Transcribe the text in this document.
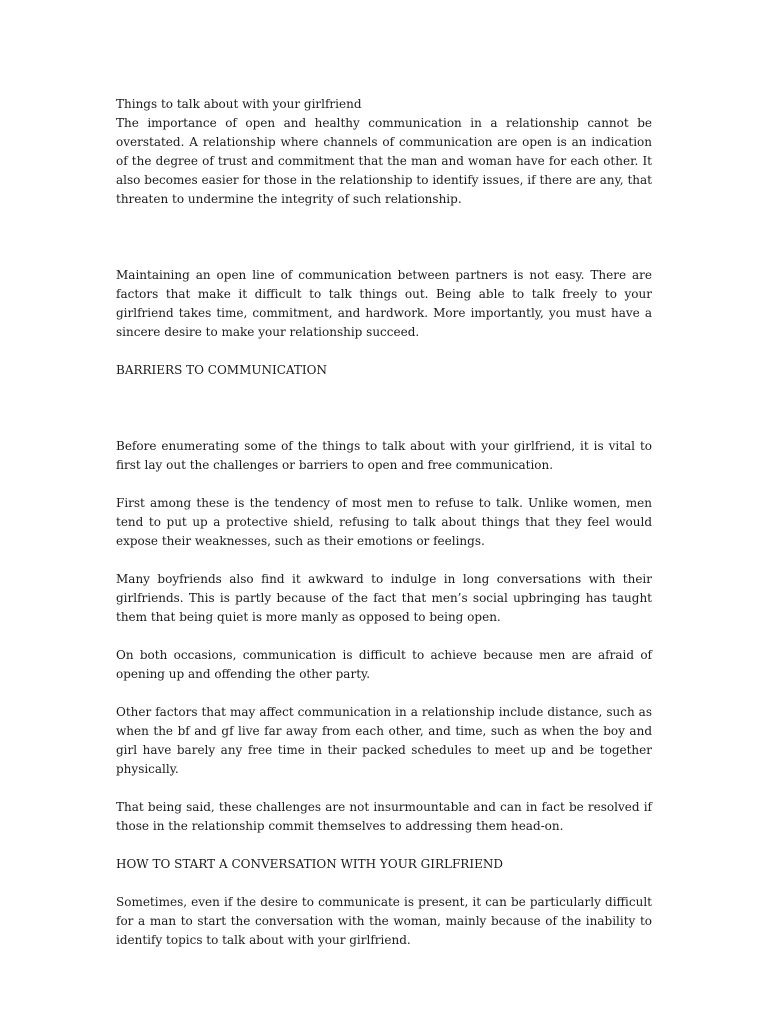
Things to talk about with your girlfriend

The importance of open and healthy communication in a relationship cannot be overstated. A relationship where channels of communication are open is an indication of the degree of trust and commitment that the man and woman have for each other. It also becomes easier for those in the relationship to identify issues, if there are any, that threaten to undermine the integrity of such relationship.

Maintaining an open line of communication between partners is not easy. There are factors that make it difficult to talk things out. Being able to talk freely to your girlfriend takes time, commitment, and hardwork. More importantly, you must have a sincere desire to make your relationship succeed.

BARRIERS TO COMMUNICATION

Before enumerating some of the things to talk about with your girlfriend, it is vital to first lay out the challenges or barriers to open and free communication.

First among these is the tendency of most men to refuse to talk. Unlike women, men tend to put up a protective shield, refusing to talk about things that they feel would expose their weaknesses, such as their emotions or feelings.

Many boyfriends also find it awkward to indulge in long conversations with their girlfriends. This is partly because of the fact that men’s social upbringing has taught them that being quiet is more manly as opposed to being open.

On both occasions, communication is difficult to achieve because men are afraid of opening up and offending the other party.

Other factors that may affect communication in a relationship include distance, such as when the bf and gf live far away from each other, and time, such as when the boy and girl have barely any free time in their packed schedules to meet up and be together physically.

That being said, these challenges are not insurmountable and can in fact be resolved if those in the relationship commit themselves to addressing them head-on.

HOW TO START A CONVERSATION WITH YOUR GIRLFRIEND

Sometimes, even if the desire to communicate is present, it can be particularly difficult for a man to start the conversation with the woman, mainly because of the inability to identify topics to talk about with your girlfriend.
